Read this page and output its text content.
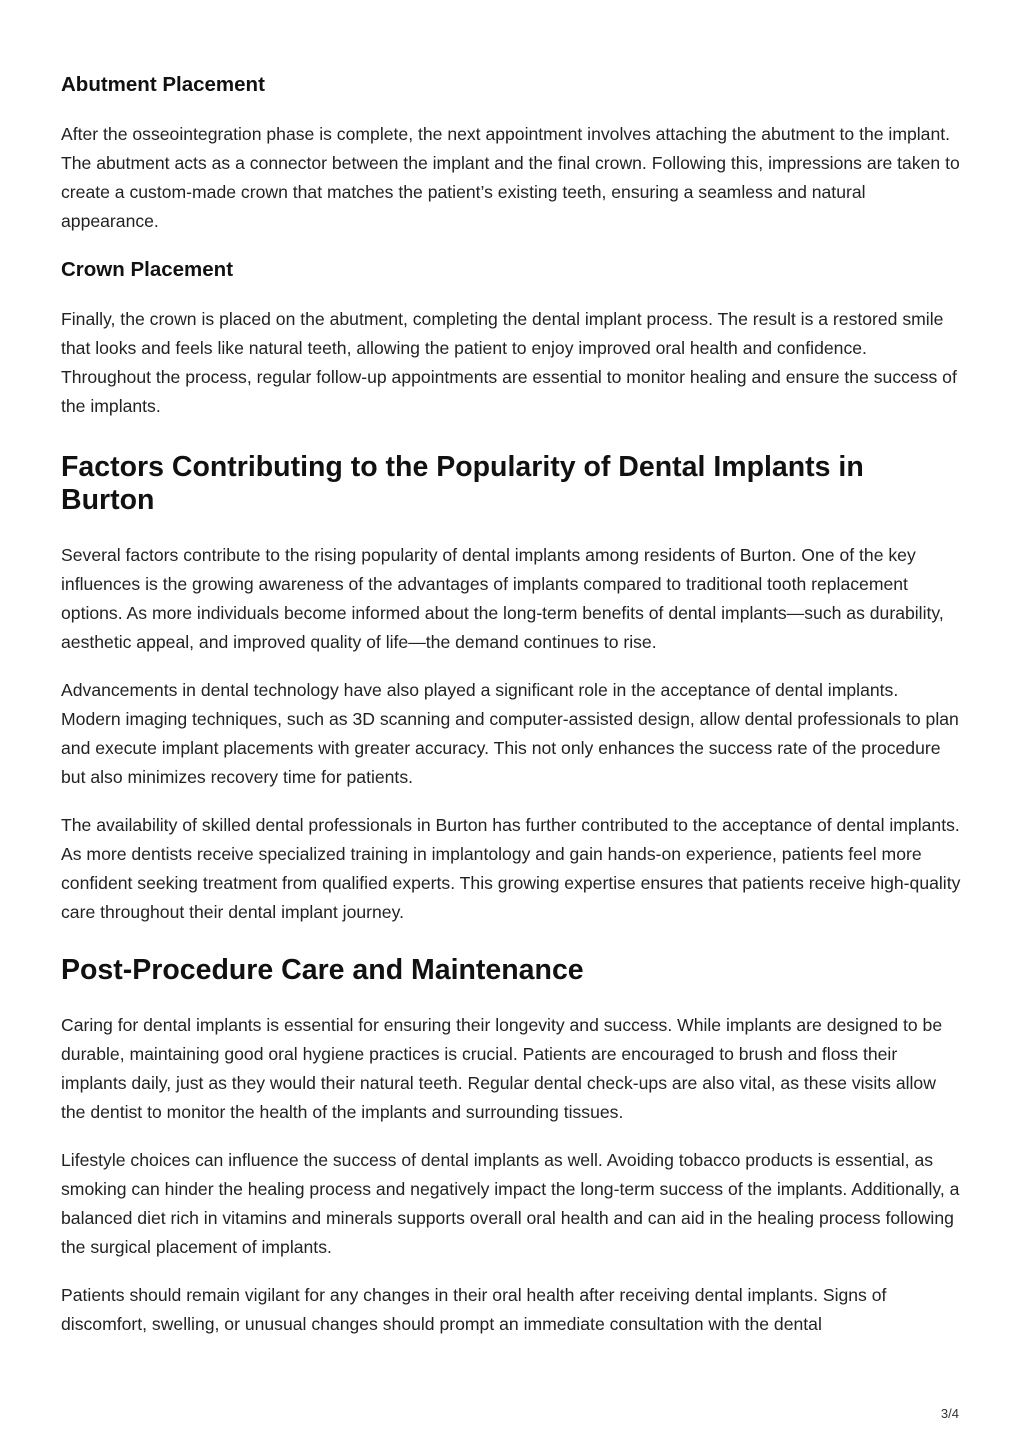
Abutment Placement

After the osseointegration phase is complete, the next appointment involves attaching the abutment to the implant. The abutment acts as a connector between the implant and the final crown. Following this, impressions are taken to create a custom-made crown that matches the patient’s existing teeth, ensuring a seamless and natural appearance.

Crown Placement

Finally, the crown is placed on the abutment, completing the dental implant process. The result is a restored smile that looks and feels like natural teeth, allowing the patient to enjoy improved oral health and confidence. Throughout the process, regular follow-up appointments are essential to monitor healing and ensure the success of the implants.

Factors Contributing to the Popularity of Dental Implants in Burton

Several factors contribute to the rising popularity of dental implants among residents of Burton. One of the key influences is the growing awareness of the advantages of implants compared to traditional tooth replacement options. As more individuals become informed about the long-term benefits of dental implants—such as durability, aesthetic appeal, and improved quality of life—the demand continues to rise.

Advancements in dental technology have also played a significant role in the acceptance of dental implants. Modern imaging techniques, such as 3D scanning and computer-assisted design, allow dental professionals to plan and execute implant placements with greater accuracy. This not only enhances the success rate of the procedure but also minimizes recovery time for patients.

The availability of skilled dental professionals in Burton has further contributed to the acceptance of dental implants. As more dentists receive specialized training in implantology and gain hands-on experience, patients feel more confident seeking treatment from qualified experts. This growing expertise ensures that patients receive high-quality care throughout their dental implant journey.

Post-Procedure Care and Maintenance

Caring for dental implants is essential for ensuring their longevity and success. While implants are designed to be durable, maintaining good oral hygiene practices is crucial. Patients are encouraged to brush and floss their implants daily, just as they would their natural teeth. Regular dental check-ups are also vital, as these visits allow the dentist to monitor the health of the implants and surrounding tissues.

Lifestyle choices can influence the success of dental implants as well. Avoiding tobacco products is essential, as smoking can hinder the healing process and negatively impact the long-term success of the implants. Additionally, a balanced diet rich in vitamins and minerals supports overall oral health and can aid in the healing process following the surgical placement of implants.

Patients should remain vigilant for any changes in their oral health after receiving dental implants. Signs of discomfort, swelling, or unusual changes should prompt an immediate consultation with the dental

3/4
